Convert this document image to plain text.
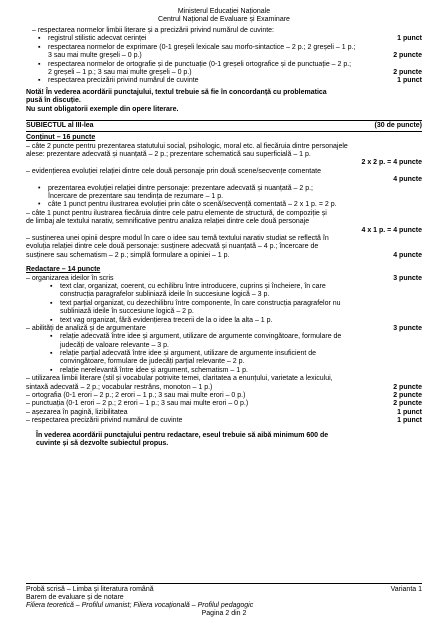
Ministerul Educației Naționale
Centrul Național de Evaluare și Examinare
– respectarea normelor limbii literare și a precizării privind numărul de cuvinte:
▪ registrul stilistic adecvat cerinței	1 punct
▪ respectarea normelor de exprimare (0-1 greșeli lexicale sau morfo-sintactice – 2 p.; 2 greșeli – 1 p.;
3 sau mai multe greșeli – 0 p.)	2 puncte
▪ respectarea normelor de ortografie și de punctuație (0-1 greșeli ortografice și de punctuație – 2 p.;
2 greșeli – 1 p.; 3 sau mai multe greșeli – 0 p.)	2 puncte
▪ respectarea precizării privind numărul de cuvinte	1 punct
Notă! În vederea acordării punctajului, textul trebuie să fie în concordanță cu problematica
pusă în discuție.
Nu sunt obligatorii exemple din opere literare.
SUBIECTUL al III-lea	(30 de puncte)
Conținut – 16 puncte
– câte 2 puncte pentru prezentarea statutului social, psihologic, moral etc. al fiecăruia dintre personajele
alese: prezentare adecvată și nuanțată – 2 p.; prezentare schematică sau superficială – 1 p.
2 x 2 p. = 4 puncte
– evidențierea evoluției relației dintre cele două personaje prin două scene/secvențe comentate
4 puncte
• prezentarea evoluției relației dintre personaje: prezentare adecvată și nuanțată – 2 p.;
încercare de prezentare sau tendința de rezumare – 1 p.
• câte 1 punct pentru ilustrarea evoluției prin câte o scenă/secvență comentată – 2 x 1 p. = 2 p.
– câte 1 punct pentru ilustrarea fiecăruia dintre cele patru elemente de structură, de compoziție și
de limbaj ale textului narativ, semnificative pentru analiza relației dintre cele două personaje
4 x 1 p. = 4 puncte
– susținerea unei opinii despre modul în care o idee sau temă textului narativ studiat se reflectă în
evoluția relației dintre cele două personaje: susținere adecvată și nuanțată – 4 p.; încercare de
susținere sau schematism – 2 p.; simplă formulare a opiniei – 1 p.	4 puncte
Redactare – 14 puncte
– organizarea ideilor în scris	3 puncte
▪ text clar, organizat, coerent, cu echilibru între introducere, cuprins și încheiere, în care
construcția paragrafelor subliniază ideile în succesiune logică – 3 p.
▪ text parțial organizat, cu dezechilibru între componente, în care construcția paragrafelor nu
subliniază ideile în succesiune logică – 2 p.
▪ text vag organizat, fără evidențierea trecerii de la o idee la alta – 1 p.
– abilități de analiză și de argumentare	3 puncte
▪ relație adecvată între idee și argument, utilizare de argumente convingătoare, formulare de
judecăți de valoare relevante – 3 p.
▪ relație parțial adecvată între idee și argument, utilizare de argumente insuficient de
convingătoare, formulare de judecăți parțial relevante – 2 p.
▪ relație nerelevantă între idee și argument, schematism – 1 p.
– utilizarea limbii literare (stil și vocabular potrivite temei, claritatea a enunțului, varietate a lexicului,
sintaxă adecvată – 2 p.; vocabular restrâns, monoton – 1 p.)	2 puncte
– ortografia (0-1 erori – 2 p.; 2 erori – 1 p.; 3 sau mai multe erori – 0 p.)	2 puncte
– punctuația (0-1 erori – 2 p.; 2 erori – 1 p.; 3 sau mai multe erori – 0 p.)	2 puncte
– așezarea în pagină, lizibilitatea	1 punct
– respectarea precizării privind numărul de cuvinte	1 punct
În vederea acordării punctajului pentru redactare, eseul trebuie să aibă minimum 600 de
cuvinte și să dezvolte subiectul propus.
Probă scrisă – Limba și literatura română	Varianta 1
Barem de evaluare și de notare
Filiera teoretică – Profilul umanist; Filiera vocațională – Profilul pedagogic
Pagina 2 din 2
